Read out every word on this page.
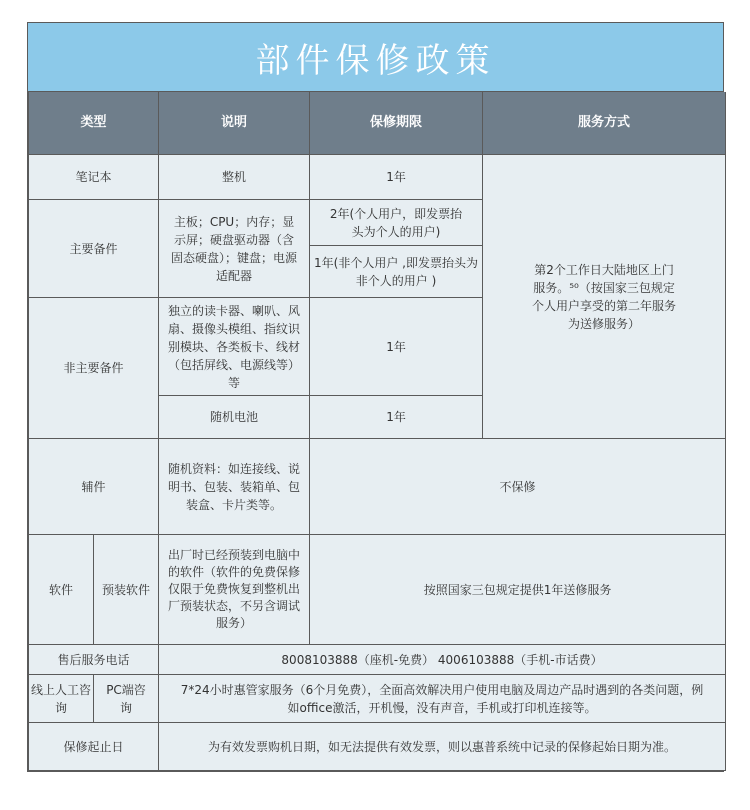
部件保修政策
类型		说明	保修期限	服务方式
笔记本		整机	1年	第2个工作日大陆地区上门服务。⁵⁰（按国家三包规定个人用户享受的第二年服务为送修服务）
主要备件		主板；CPU；内存；显示屏；硬盘驱动器（含固态硬盘）；键盘；电源适配器	2年(个人用户，即发票抬头为个人的用户)	
			1年(非个人用户 ,即发票抬头为非个人的用户 )	
非主要备件		独立的读卡器、喇叭、风扇、摄像头模组、指纹识别模块、各类板卡、线材（包括屏线、电源线等）等	1年	
		随机电池	1年	
辅件		随机资料：如连接线、说明书、包装、装箱单、包装盒、卡片类等。	不保修	
软件	预装软件	出厂时已经预装到电脑中的软件（软件的免费保修仅限于免费恢复到整机出厂预装状态，不另含调试服务）	按照国家三包规定提供1年送修服务	
售后服务电话		8008103888（座机-免费） 4006103888（手机-市话费）		
线上人工咨询	PC端咨询	7*24小时惠管家服务（6个月免费），全面高效解决用户使用电脑及周边产品时遇到的各类问题，例如office激活，开机慢，没有声音，手机或打印机连接等。		
保修起止日		为有效发票购机日期，如无法提供有效发票，则以惠普系统中记录的保修起始日期为准。		
